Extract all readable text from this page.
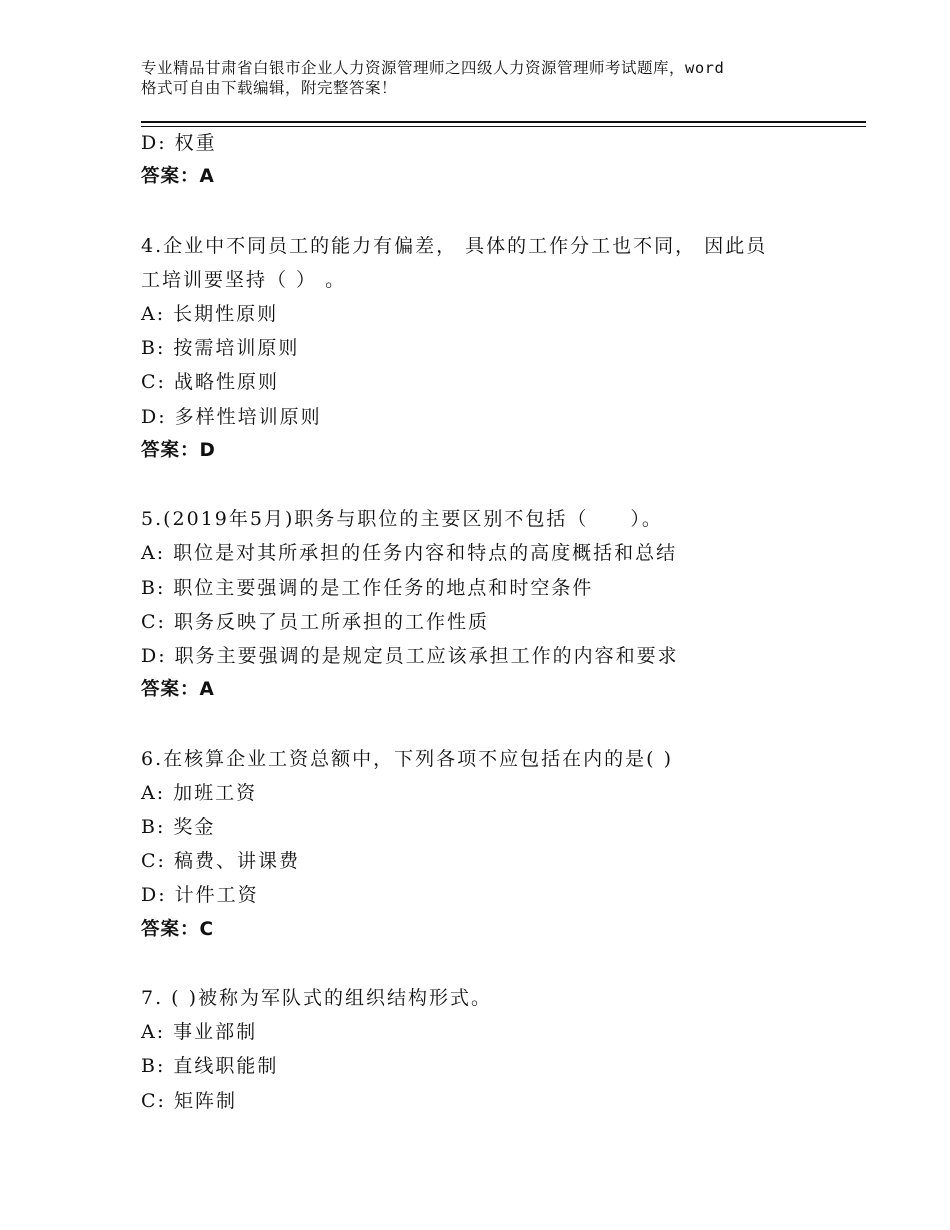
专业精品甘肃省白银市企业人力资源管理师之四级人力资源管理师考试题库，word
格式可自由下载编辑，附完整答案！
D: 权重
答案：A
4.企业中不同员工的能力有偏差， 具体的工作分工也不同， 因此员
工培训要坚持（ ） 。
A: 长期性原则
B: 按需培训原则
C: 战略性原则
D: 多样性培训原则
答案：D
5.(2019年5月)职务与职位的主要区别不包括（　　）。
A: 职位是对其所承担的任务内容和特点的高度概括和总结
B: 职位主要强调的是工作任务的地点和时空条件
C: 职务反映了员工所承担的工作性质
D: 职务主要强调的是规定员工应该承担工作的内容和要求
答案：A
6.在核算企业工资总额中，下列各项不应包括在内的是( )
A: 加班工资
B: 奖金
C: 稿费、讲课费
D: 计件工资
答案：C
7. ( )被称为军队式的组织结构形式。
A: 事业部制
B: 直线职能制
C: 矩阵制
